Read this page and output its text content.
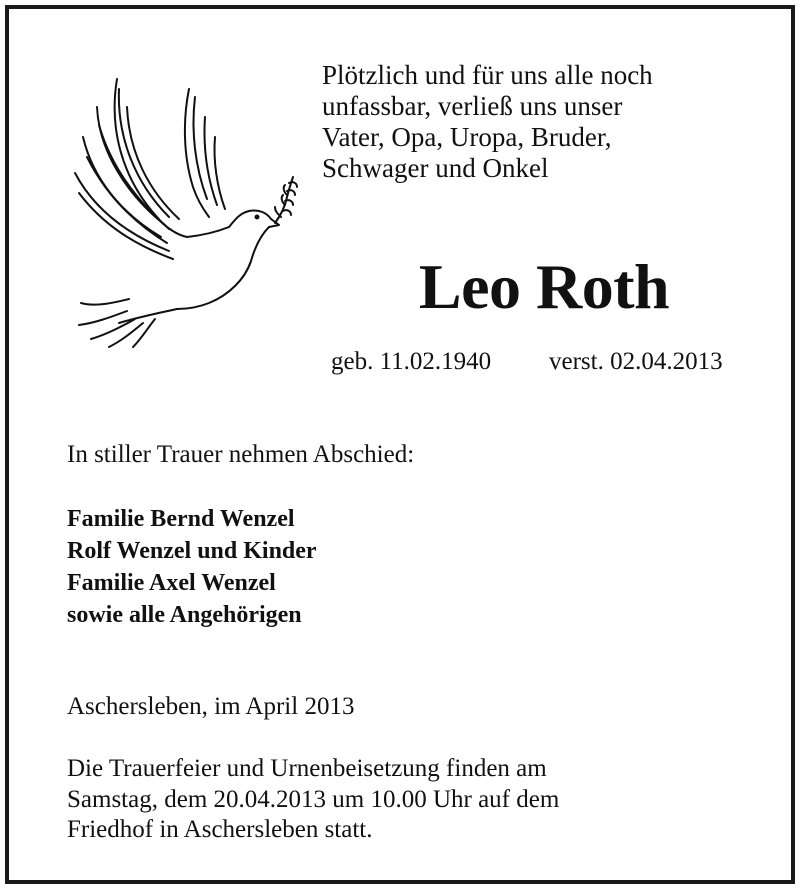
Plötzlich und für uns alle noch
unfassbar, verließ uns unser
Vater, Opa, Uropa, Bruder,
Schwager und Onkel
Leo Roth
geb. 11.02.1940 verst. 02.04.2013
In stiller Trauer nehmen Abschied:
Familie Bernd Wenzel
Rolf Wenzel und Kinder
Familie Axel Wenzel
sowie alle Angehörigen
Aschersleben, im April 2013
Die Trauerfeier und Urnenbeisetzung finden am
Samstag, dem 20.04.2013 um 10.00 Uhr auf dem
Friedhof in Aschersleben statt.
